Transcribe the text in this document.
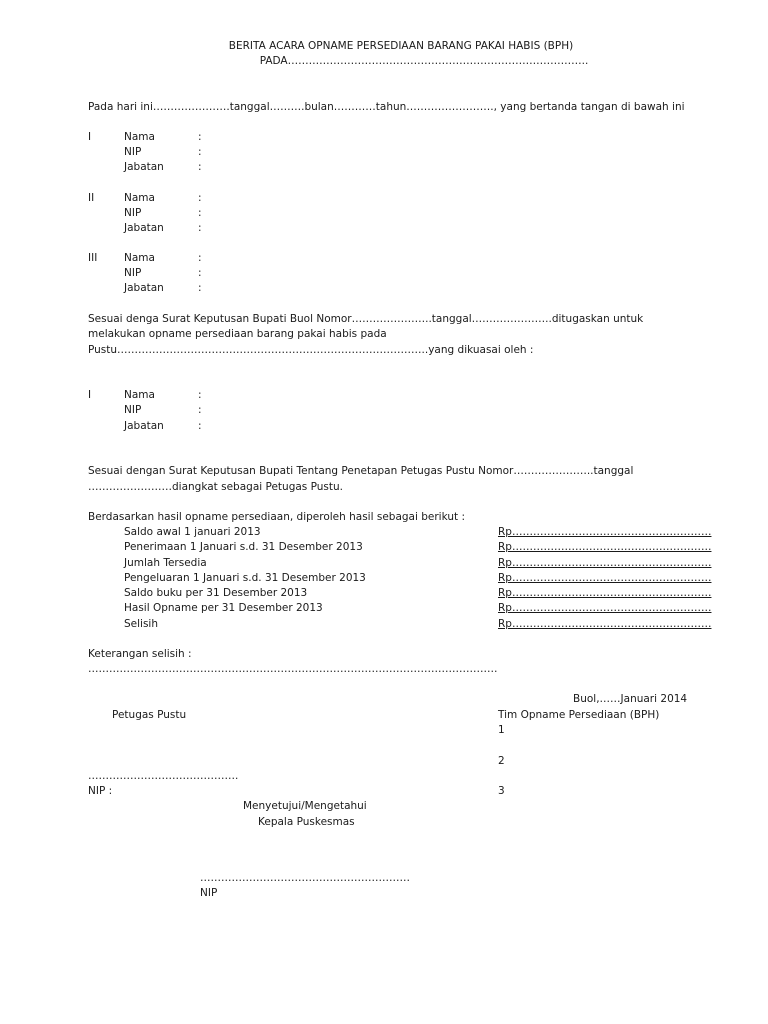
BERITA ACARA OPNAME PERSEDIAAN BARANG PAKAI HABIS (BPH)
PADA…………………………………………………………………………..
Pada hari ini………………….tanggal……….bulan…………tahun……………………., yang bertanda tangan di bawah ini
I	Nama	:
NIP	:
Jabatan	:
II	Nama	:
NIP	:
Jabatan	:
III	Nama	:
NIP	:
Jabatan	:
Sesuai denga Surat Keputusan Bupati Buol Nomor…………………..tanggal…………………..ditugaskan untuk
melakukan opname persediaan barang pakai habis pada
Pustu……………………………………………………………………………..yang dikuasai oleh :
I	Nama	:
NIP	:
Jabatan	:
Sesuai dengan Surat Keputusan Bupati Tentang Penetapan Petugas Pustu Nomor…………………..tanggal
……………………diangkat sebagai Petugas Pustu.
Berdasarkan hasil opname persediaan, diperoleh hasil sebagai berikut :
Saldo awal 1 januari 2013	Rp…………………………………………………
Penerimaan 1 Januari s.d. 31 Desember 2013	Rp…………………………………………………
Jumlah Tersedia	Rp…………………………………………………
Pengeluaran 1 Januari s.d. 31 Desember 2013	Rp…………………………………………………
Saldo buku per 31 Desember 2013	Rp…………………………………………………
Hasil Opname per 31 Desember 2013	Rp…………………………………………………
Selisih	Rp…………………………………………………
Keterangan selisih :
………………………………………………………………………………………………………
Buol,……Januari 2014
Petugas Pustu	Tim Opname Persediaan (BPH)
1
2
…………………………………….
NIP :	3
Menyetujui/Mengetahui
Kepala Puskesmas
……………………………………………………
NIP
